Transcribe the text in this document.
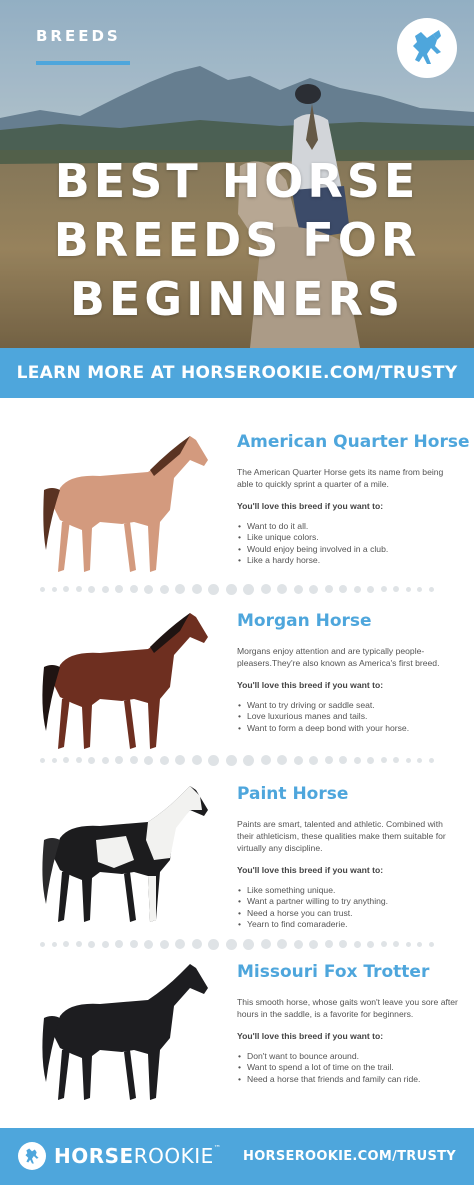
BREEDS
BEST HORSE
BREEDS FOR
BEGINNERS
LEARN MORE AT HORSEROOKIE.COM/TRUSTY
American Quarter Horse
The American Quarter Horse gets its name from being able to quickly sprint a quarter of a mile.
You'll love this breed if you want to:
• Want to do it all.
• Like unique colors.
• Would enjoy being involved in a club.
• Like a hardy horse.
Morgan Horse
Morgans enjoy attention and are typically people-pleasers.They're also known as America's first breed.
You'll love this breed if you want to:
• Want to try driving or saddle seat.
• Love luxurious manes and tails.
• Want to form a deep bond with your horse.
Paint Horse
Paints are smart, talented and athletic. Combined with their athleticism, these qualities make them suitable for virtually any discipline.
You'll love this breed if you want to:
• Like something unique.
• Want a partner willing to try anything.
• Need a horse you can trust.
• Yearn to find comaraderie.
Missouri Fox Trotter
This smooth horse, whose gaits won't leave you sore after hours in the saddle, is a favorite for beginners.
You'll love this breed if you want to:
• Don't want to bounce around.
• Want to spend a lot of time on the trail.
• Need a horse that friends and family can ride.
HORSEROOKIE™
HORSEROOKIE.COM/TRUSTY
